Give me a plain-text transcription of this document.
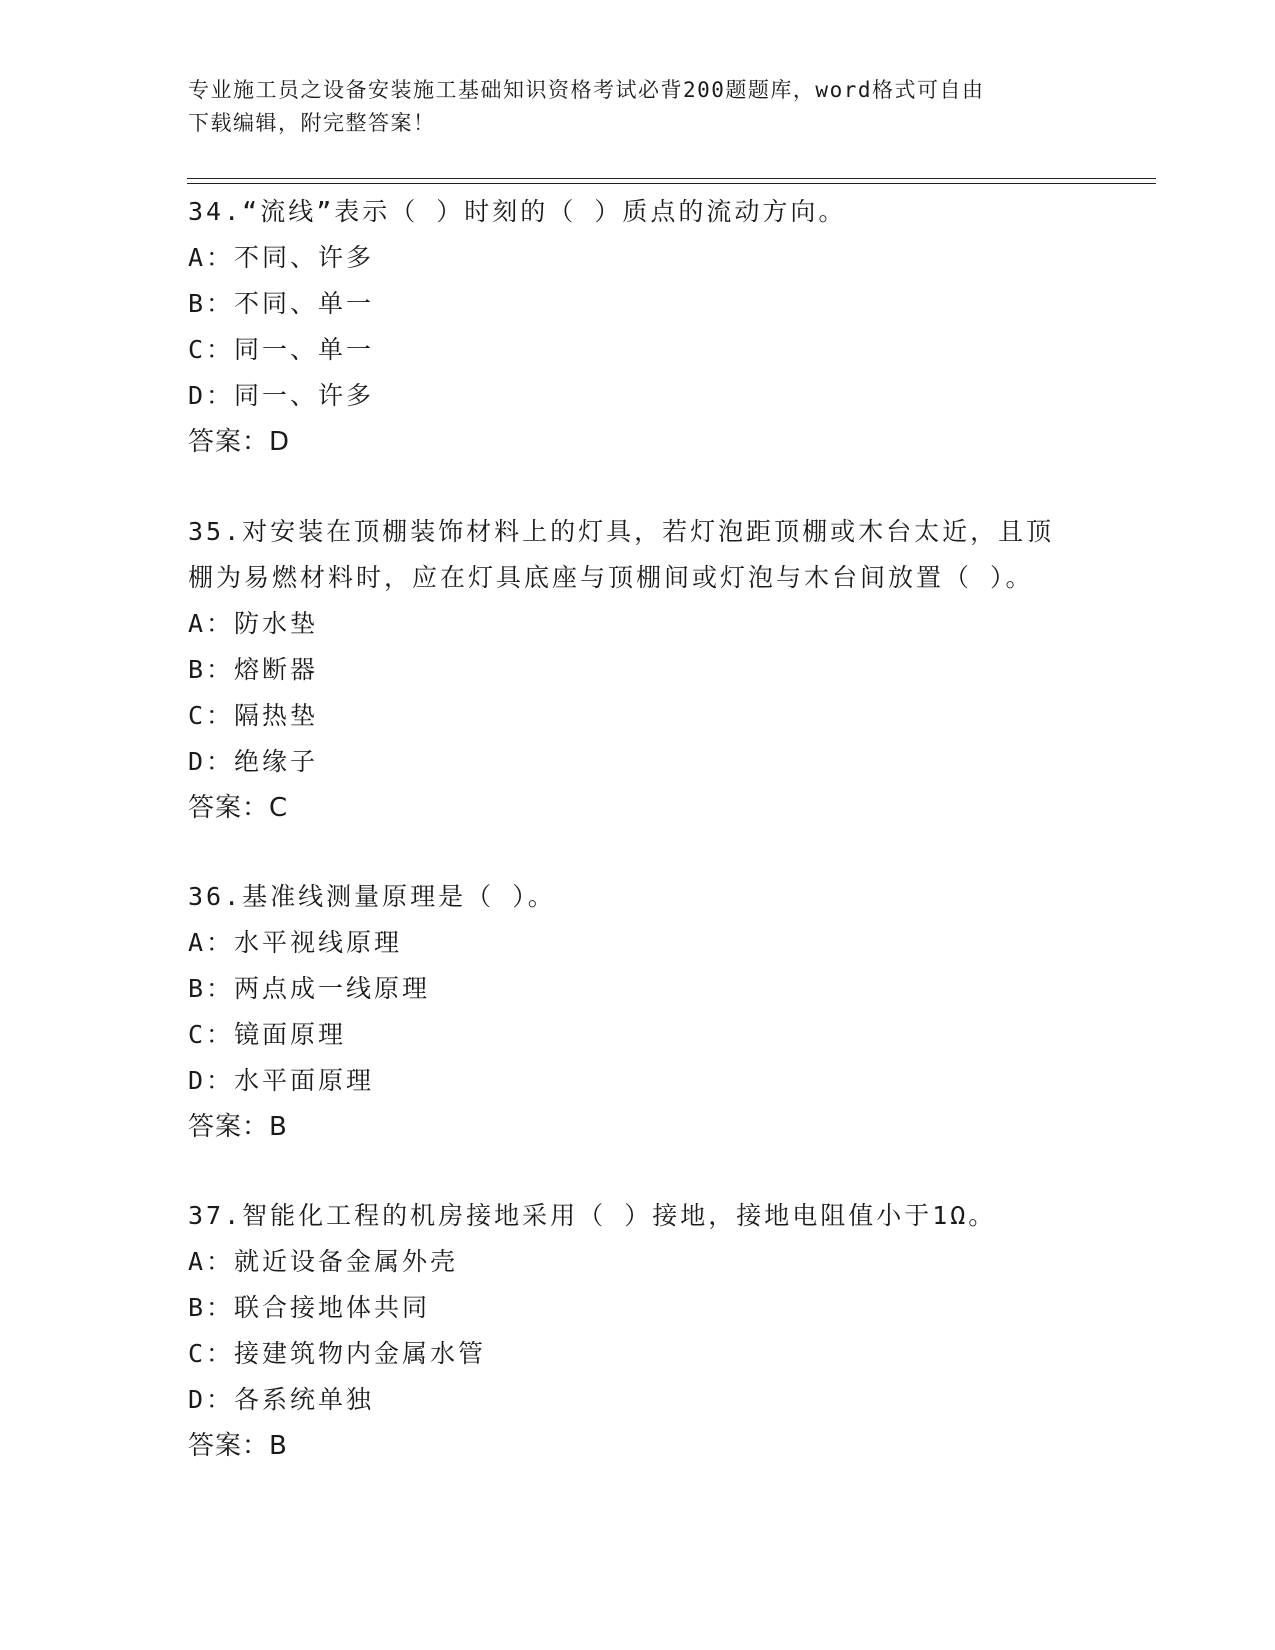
专业施工员之设备安装施工基础知识资格考试必背200题题库，word格式可自由
下载编辑，附完整答案！
34.“流线”表示（ ）时刻的（ ）质点的流动方向。
A：不同、许多
B：不同、单一
C：同一、单一
D：同一、许多
答案：D
35.对安装在顶棚装饰材料上的灯具，若灯泡距顶棚或木台太近，且顶
棚为易燃材料时，应在灯具底座与顶棚间或灯泡与木台间放置（ ）。
A：防水垫
B：熔断器
C：隔热垫
D：绝缘子
答案：C
36.基准线测量原理是（ ）。
A：水平视线原理
B：两点成一线原理
C：镜面原理
D：水平面原理
答案：B
37.智能化工程的机房接地采用（ ）接地，接地电阻值小于1Ω。
A：就近设备金属外壳
B：联合接地体共同
C：接建筑物内金属水管
D：各系统单独
答案：B
